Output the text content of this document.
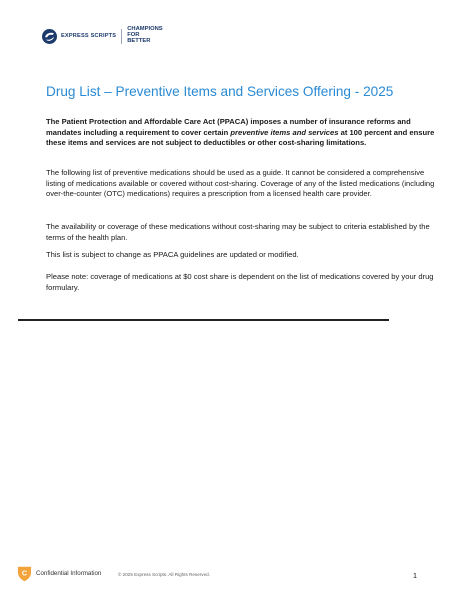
EXPRESS SCRIPTS
CHAMPIONS
FOR
BETTER
Drug List – Preventive Items and Services Offering - 2025

The Patient Protection and Affordable Care Act (PPACA) imposes a number of insurance reforms and mandates including a requirement to cover certain preventive items and services at 100 percent and ensure these items and services are not subject to deductibles or other cost-sharing limitations.

The following list of preventive medications should be used as a guide. It cannot be considered a comprehensive listing of medications available or covered without cost-sharing. Coverage of any of the listed medications (including over-the-counter (OTC) medications) requires a prescription from a licensed health care provider.

The availability or coverage of these medications without cost-sharing may be subject to criteria established by the terms of the health plan.

This list is subject to change as PPACA guidelines are updated or modified.

Please note: coverage of medications at $0 cost share is dependent on the list of medications covered by your drug formulary.

C Confidential Information	© 2025 Express Scripts. All Rights Reserved.	1
